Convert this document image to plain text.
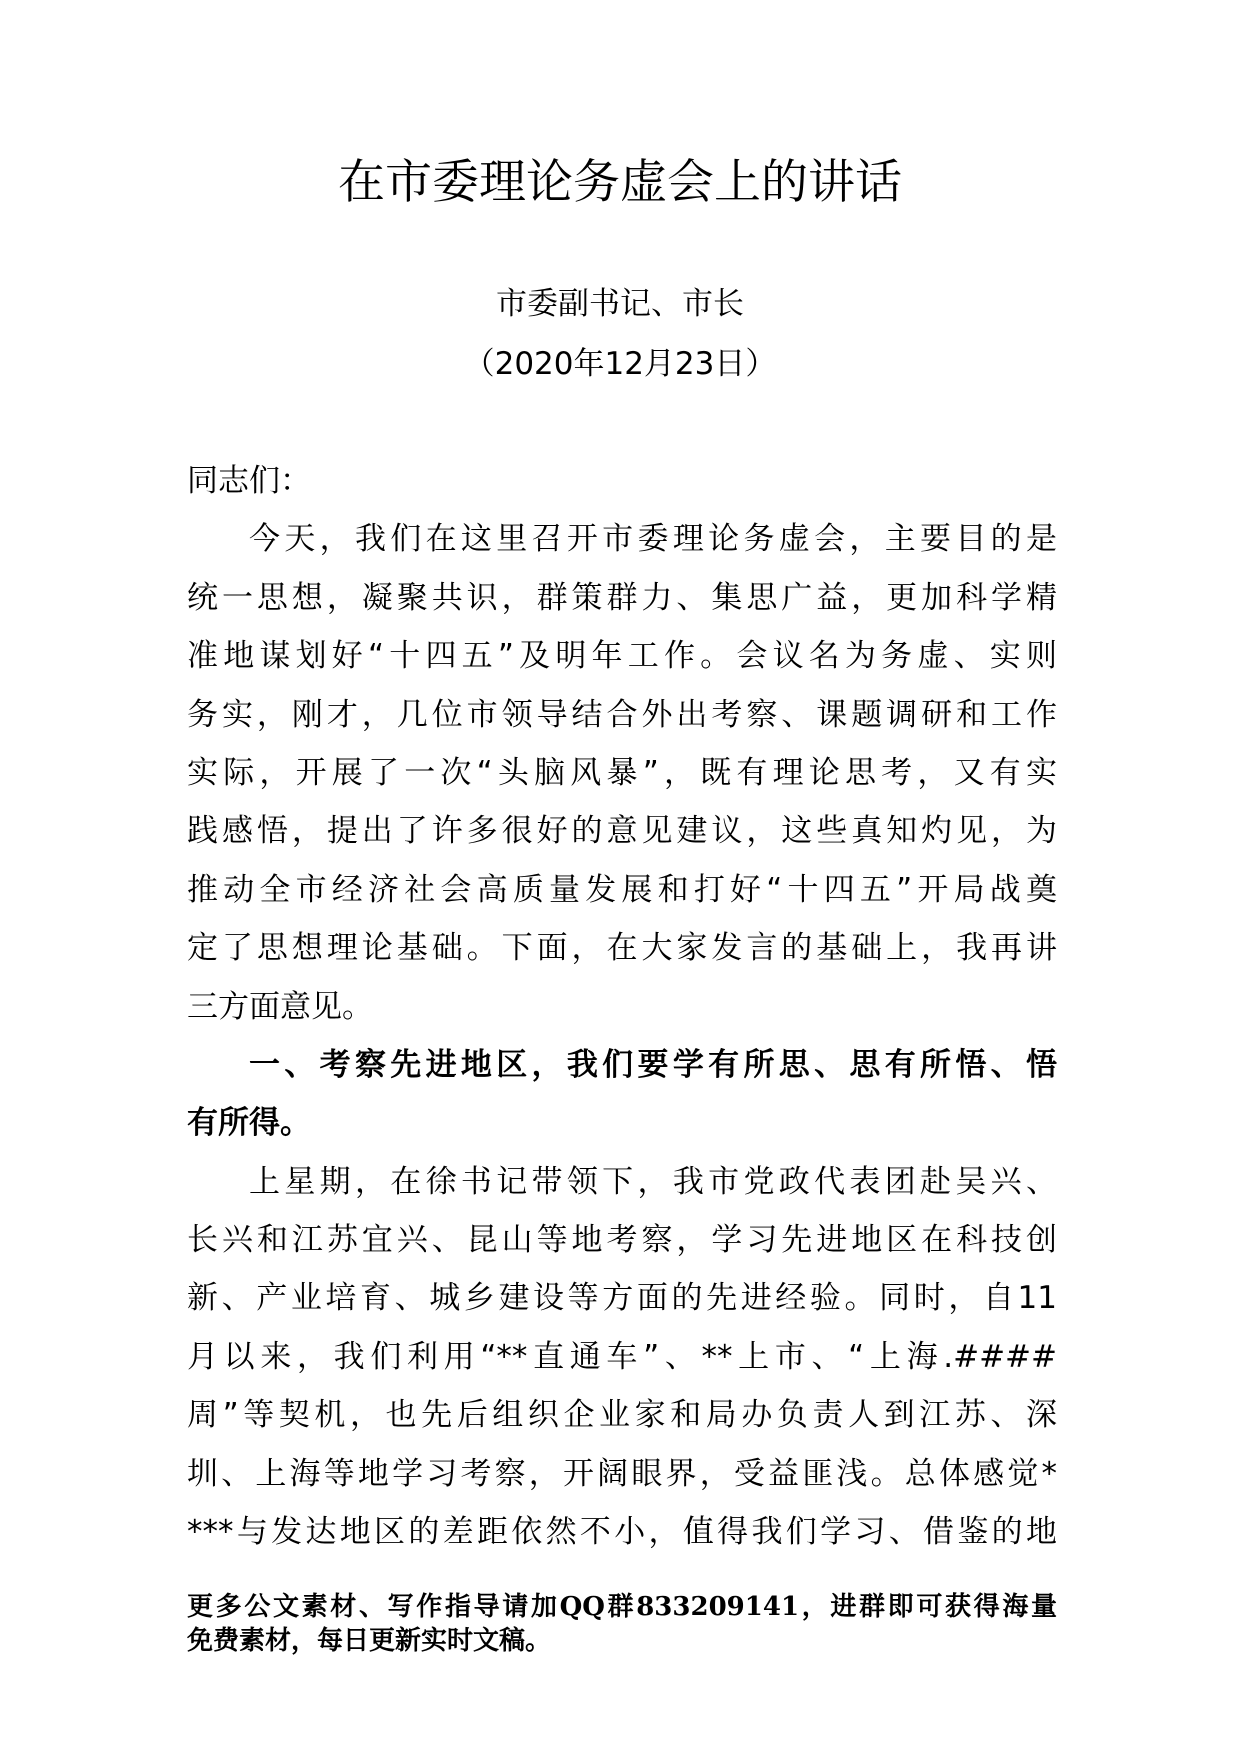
在市委理论务虚会上的讲话
市委副书记、市长
（2020年12月23日）
同志们：
今天，我们在这里召开市委理论务虚会，主要目的是
统一思想，凝聚共识，群策群力、集思广益，更加科学精
准地谋划好“十四五”及明年工作。会议名为务虚、实则
务实，刚才，几位市领导结合外出考察、课题调研和工作
实际，开展了一次“头脑风暴”，既有理论思考，又有实
践感悟，提出了许多很好的意见建议，这些真知灼见，为
推动全市经济社会高质量发展和打好“十四五”开局战奠
定了思想理论基础。下面，在大家发言的基础上，我再讲
三方面意见。
一、考察先进地区，我们要学有所思、思有所悟、悟
有所得。
上星期，在徐书记带领下，我市党政代表团赴吴兴、
长兴和江苏宜兴、昆山等地考察，学习先进地区在科技创
新、产业培育、城乡建设等方面的先进经验。同时，自11
月以来，我们利用“**直通车”、**上市、“上海.####
周”等契机，也先后组织企业家和局办负责人到江苏、深
圳、上海等地学习考察，开阔眼界，受益匪浅。总体感觉*
***与发达地区的差距依然不小，值得我们学习、借鉴的地
更多公文素材、写作指导请加QQ群833209141，进群即可获得海量
免费素材，每日更新实时文稿。
